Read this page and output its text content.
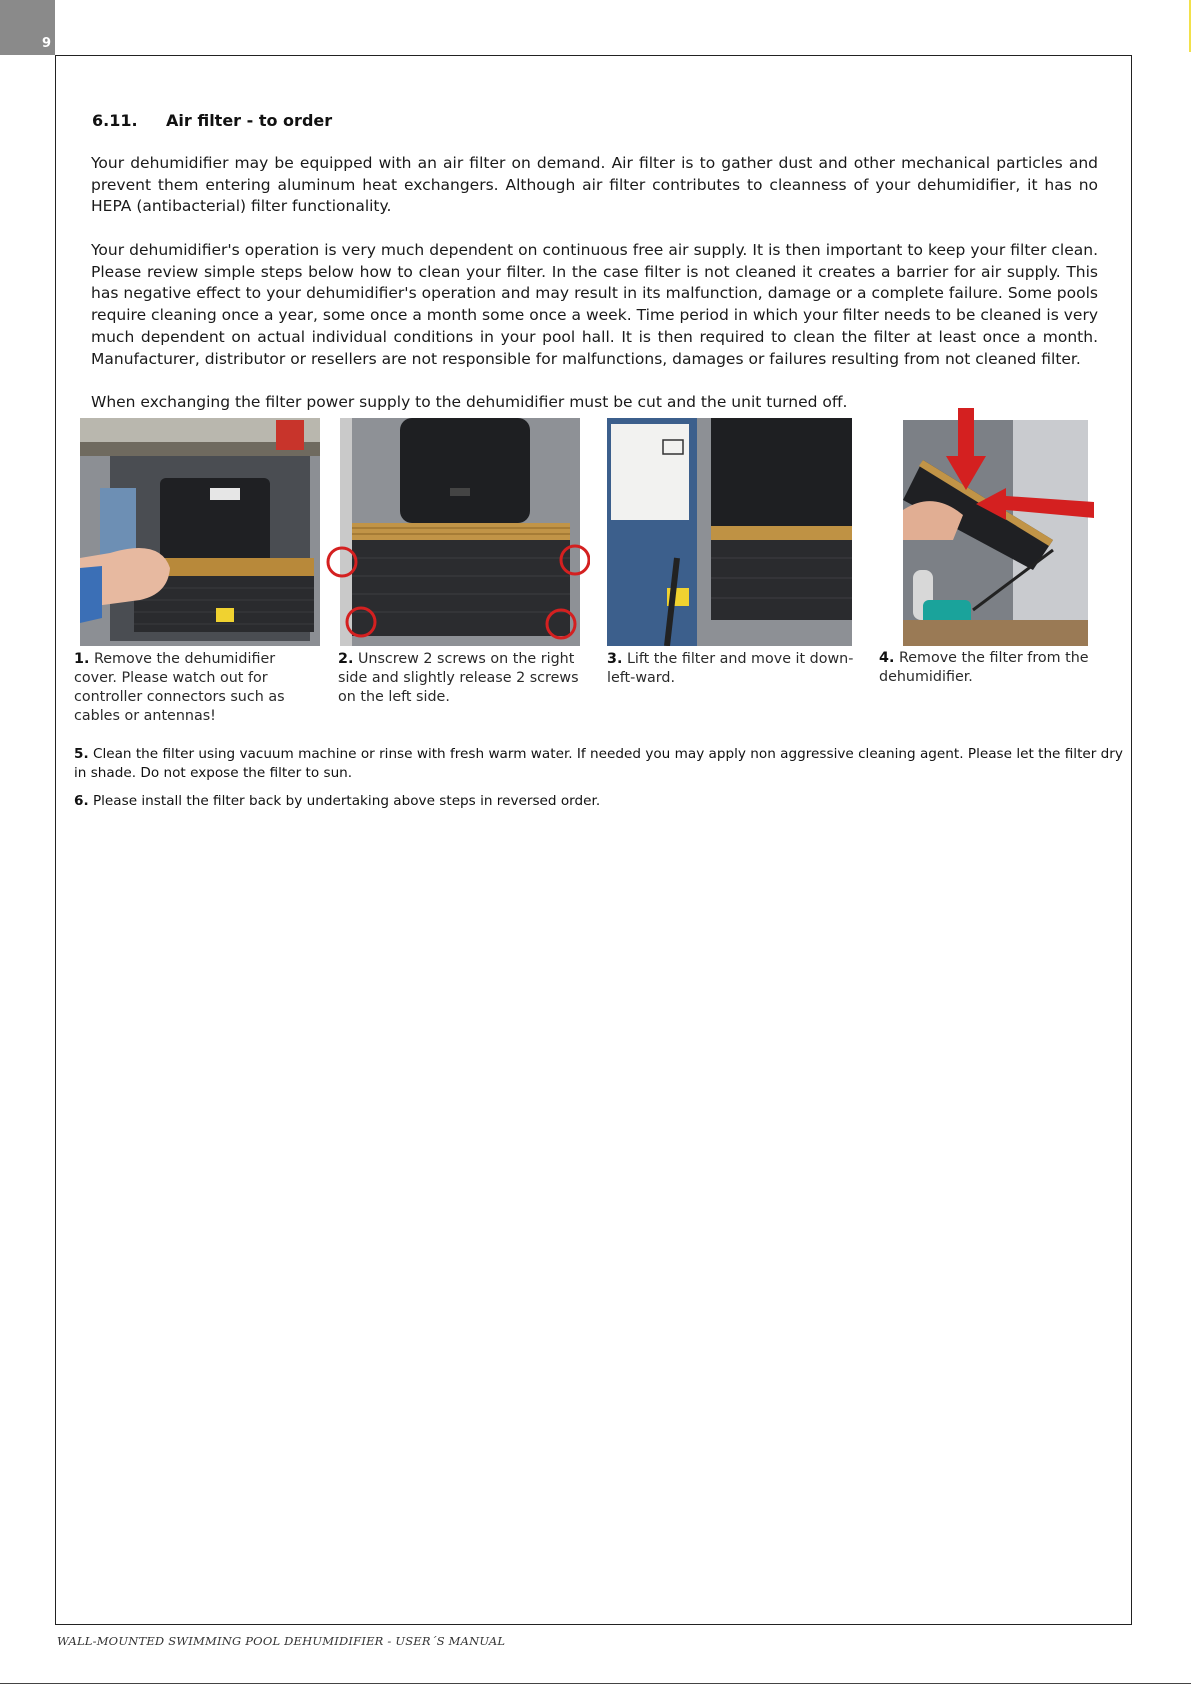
9
6.11. Air filter - to order

Your dehumidifier may be equipped with an air filter on demand. Air filter is to gather dust and other mechanical particles and prevent them entering aluminum heat exchangers. Although air filter contributes to cleanness of your dehumidifier, it has no HEPA (antibacterial) filter functionality.

Your dehumidifier's operation is very much dependent on continuous free air supply. It is then important to keep your filter clean. Please review simple steps below how to clean your filter. In the case filter is not cleaned it creates a barrier for air supply. This has negative effect to your dehumidifier's operation and may result in its malfunction, damage or a complete failure. Some pools require cleaning once a year, some once a month some once a week. Time period in which your filter needs to be cleaned is very much dependent on actual individual conditions in your pool hall. It is then required to clean the filter at least once a month. Manufacturer, distributor or resellers are not responsible for malfunctions, damages or failures resulting from not cleaned filter.

When exchanging the filter power supply to the dehumidifier must be cut and the unit turned off.

1. Remove the dehumidifier cover. Please watch out for controller connectors such as cables or antennas!

2. Unscrew 2 screws on the right side and slightly release 2 screws on the left side.

3. Lift the filter and move it down-left-ward.

4. Remove the filter from the dehumidifier.

5. Clean the filter using vacuum machine or rinse with fresh warm water. If needed you may apply non aggressive cleaning agent. Please let the filter dry in shade. Do not expose the filter to sun.

6. Please install the filter back by undertaking above steps in reversed order.

WALL-MOUNTED SWIMMING POOL DEHUMIDIFIER - USER´S MANUAL
